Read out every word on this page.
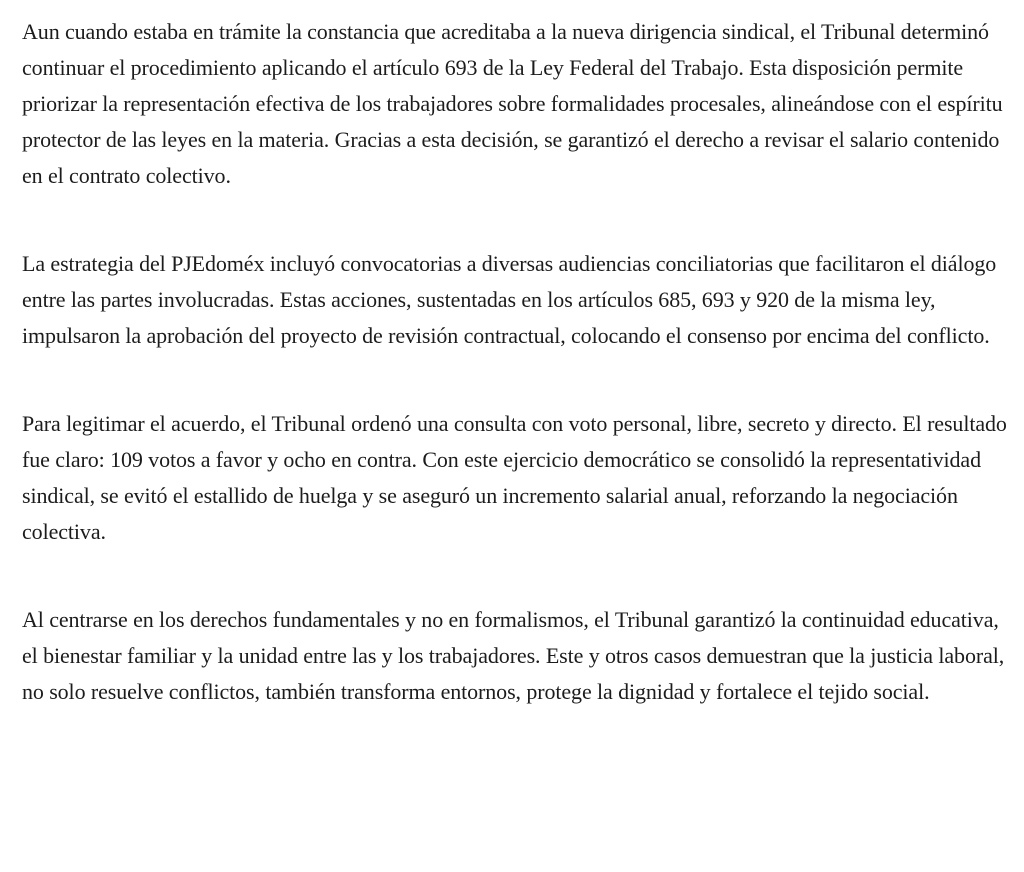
Aun cuando estaba en trámite la constancia que acreditaba a la nueva dirigencia sindical, el Tribunal determinó continuar el procedimiento aplicando el artículo 693 de la Ley Federal del Trabajo. Esta disposición permite priorizar la representación efectiva de los trabajadores sobre formalidades procesales, alineándose con el espíritu protector de las leyes en la materia. Gracias a esta decisión, se garantizó el derecho a revisar el salario contenido en el contrato colectivo.

La estrategia del PJEdoméx incluyó convocatorias a diversas audiencias conciliatorias que facilitaron el diálogo entre las partes involucradas. Estas acciones, sustentadas en los artículos 685, 693 y 920 de la misma ley, impulsaron la aprobación del proyecto de revisión contractual, colocando el consenso por encima del conflicto.

Para legitimar el acuerdo, el Tribunal ordenó una consulta con voto personal, libre, secreto y directo. El resultado fue claro: 109 votos a favor y ocho en contra. Con este ejercicio democrático se consolidó la representatividad sindical, se evitó el estallido de huelga y se aseguró un incremento salarial anual, reforzando la negociación colectiva.

Al centrarse en los derechos fundamentales y no en formalismos, el Tribunal garantizó la continuidad educativa, el bienestar familiar y la unidad entre las y los trabajadores. Este y otros casos demuestran que la justicia laboral, no solo resuelve conflictos, también transforma entornos, protege la dignidad y fortalece el tejido social.
